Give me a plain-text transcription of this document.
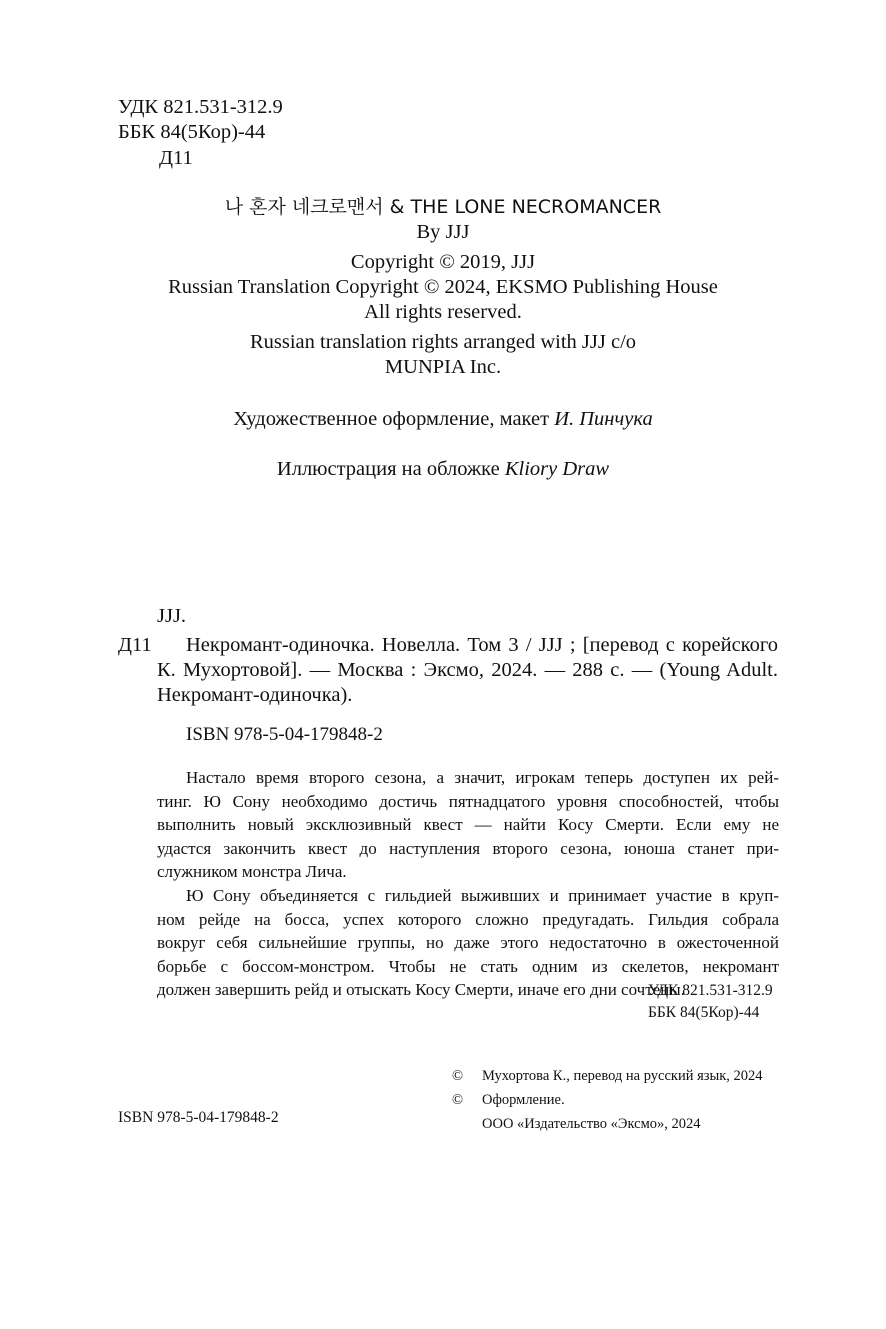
УДК 821.531-312.9
ББК 84(5Кор)-44
Д11
나 혼자 네크로맨서 & THE LONE NECROMANCER
By JJJ
Copyright © 2019, JJJ
Russian Translation Copyright © 2024, EKSMO Publishing House
All rights reserved.
Russian translation rights arranged with JJJ c/o
MUNPIA Inc.
Художественное оформление, макет И. Пинчука
Иллюстрация на обложке Kliory Draw
JJJ.
Д11 Некромант-одиночка. Новелла. Том 3 / JJJ ; [перевод с корейского
К. Мухортовой]. — Москва : Эксмо, 2024. — 288 с. — (Young Adult.
Некромант-одиночка).
ISBN 978-5-04-179848-2

Настало время второго сезона, а значит, игрокам теперь доступен их рей-

тинг. Ю Сону необходимо достичь пятнадцатого уровня способностей, чтобы

выполнить новый эксклюзивный квест — найти Косу Смерти. Если ему не

удастся закончить квест до наступления второго сезона, юноша станет при-

служником монстра Лича.

Ю Сону объединяется с гильдией выживших и принимает участие в круп-

ном рейде на босса, успех которого сложно предугадать. Гильдия собрала

вокруг себя сильнейшие группы, но даже этого недостаточно в ожесточенной

борьбе с боссом-монстром. Чтобы не стать одним из скелетов, некромант

должен завершить рейд и отыскать Косу Смерти, иначе его дни сочтены.

УДК 821.531-312.9
ББК 84(5Кор)-44
ISBN 978-5-04-179848-2
©	Мухортова К., перевод на русский язык, 2024
©	Оформление.
ООО «Издательство «Эксмо», 2024
